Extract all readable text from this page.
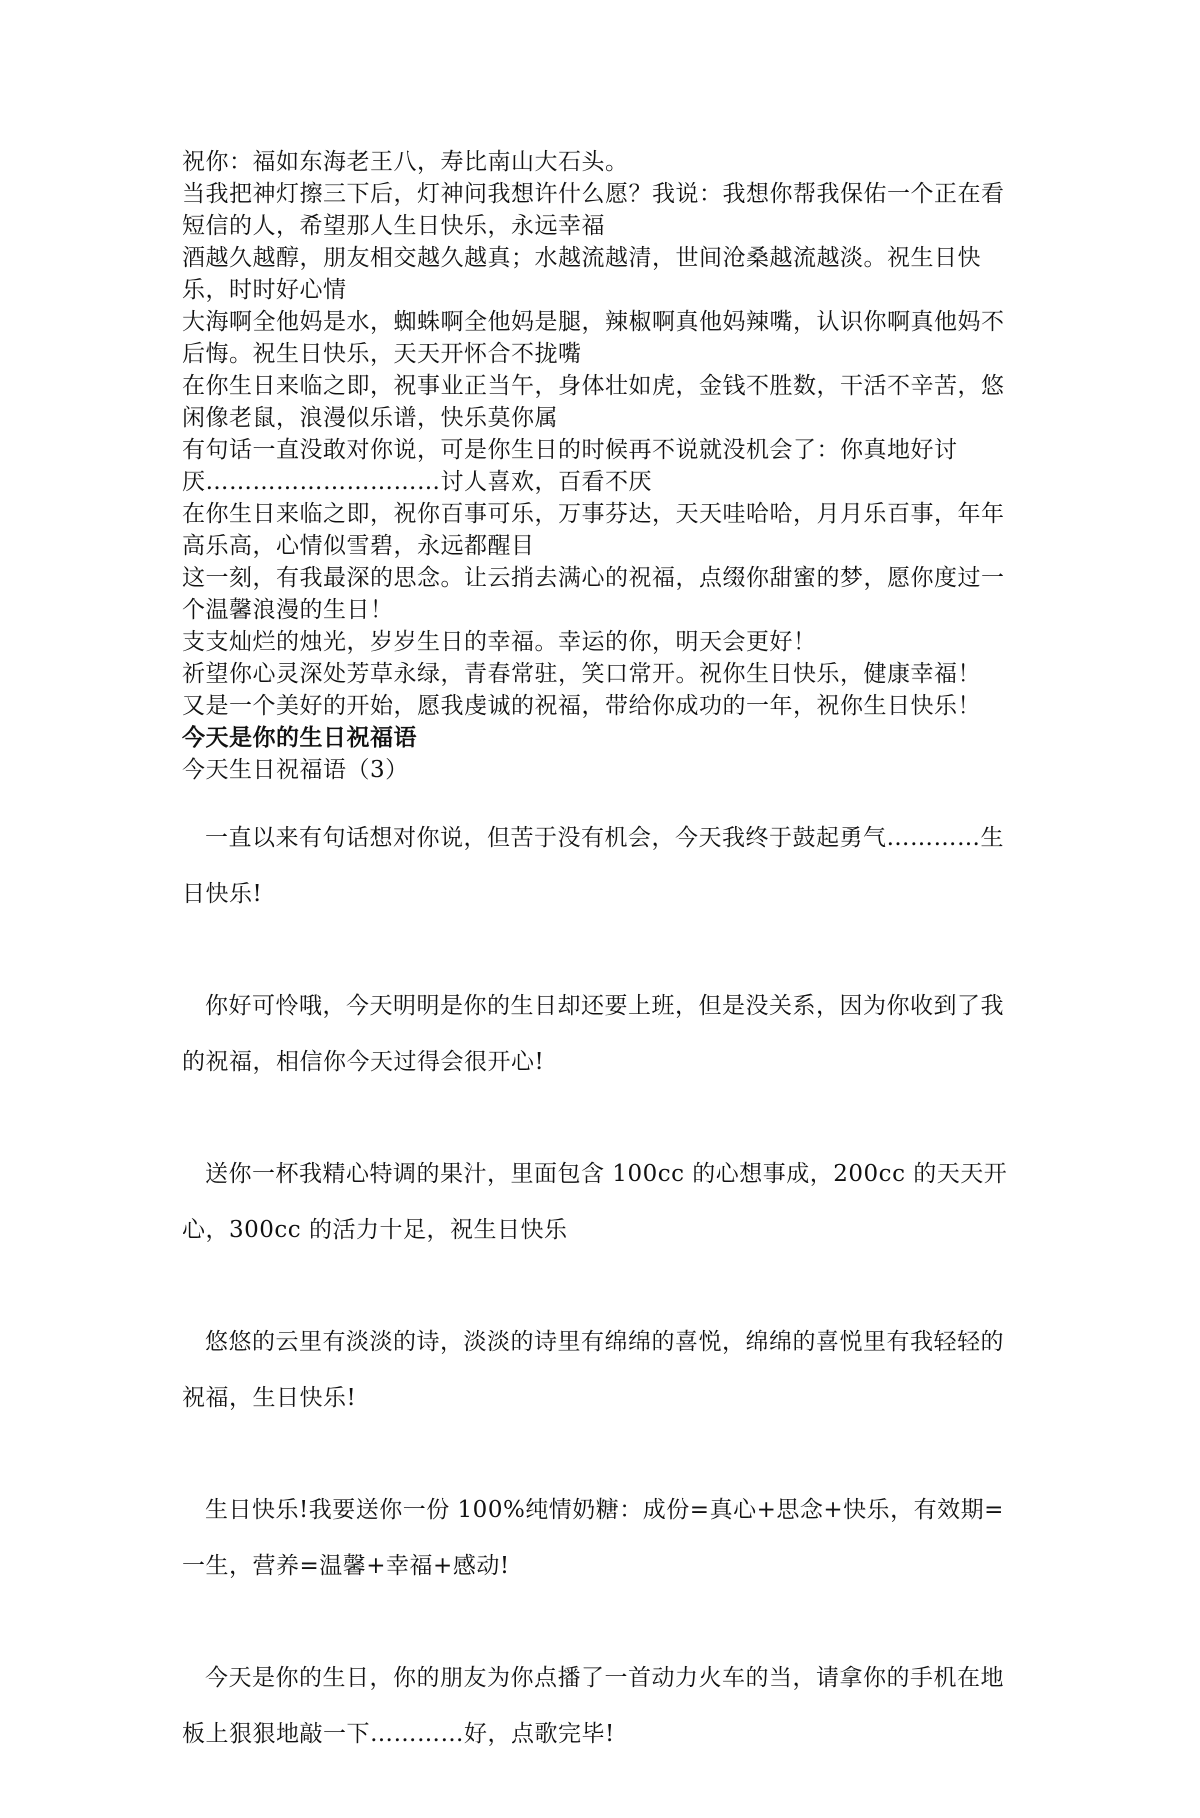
祝你：福如东海老王八，寿比南山大石头。

当我把神灯擦三下后，灯神问我想许什么愿？我说：我想你帮我保佑一个正在看短信的人，希望那人生日快乐，永远幸福

酒越久越醇，朋友相交越久越真；水越流越清，世间沧桑越流越淡。祝生日快乐，时时好心情

大海啊全他妈是水，蜘蛛啊全他妈是腿，辣椒啊真他妈辣嘴，认识你啊真他妈不后悔。祝生日快乐，天天开怀合不拢嘴

在你生日来临之即，祝事业正当午，身体壮如虎，金钱不胜数，干活不辛苦，悠闲像老鼠，浪漫似乐谱，快乐莫你属

有句话一直没敢对你说，可是你生日的时候再不说就没机会了：你真地好讨厌…………………………讨人喜欢，百看不厌

在你生日来临之即，祝你百事可乐，万事芬达，天天哇哈哈，月月乐百事，年年高乐高，心情似雪碧，永远都醒目

这一刻，有我最深的思念。让云捎去满心的祝福，点缀你甜蜜的梦，愿你度过一个温馨浪漫的生日！

支支灿烂的烛光，岁岁生日的幸福。幸运的你，明天会更好！

祈望你心灵深处芳草永绿，青春常驻，笑口常开。祝你生日快乐，健康幸福！

又是一个美好的开始，愿我虔诚的祝福，带给你成功的一年，祝你生日快乐！

今天是你的生日祝福语

今天生日祝福语（3）

一直以来有句话想对你说，但苦于没有机会，今天我终于鼓起勇气…………生日快乐!

你好可怜哦，今天明明是你的生日却还要上班，但是没关系，因为你收到了我的祝福，相信你今天过得会很开心!

送你一杯我精心特调的果汁，里面包含 100cc 的心想事成，200cc 的天天开心，300cc 的活力十足，祝生日快乐

悠悠的云里有淡淡的诗，淡淡的诗里有绵绵的喜悦，绵绵的喜悦里有我轻轻的祝福，生日快乐!

生日快乐!我要送你一份 100%纯情奶糖：成份=真心+思念+快乐，有效期=一生，营养=温馨+幸福+感动!

今天是你的生日，你的朋友为你点播了一首动力火车的当，请拿你的手机在地板上狠狠地敲一下…………好，点歌完毕!
